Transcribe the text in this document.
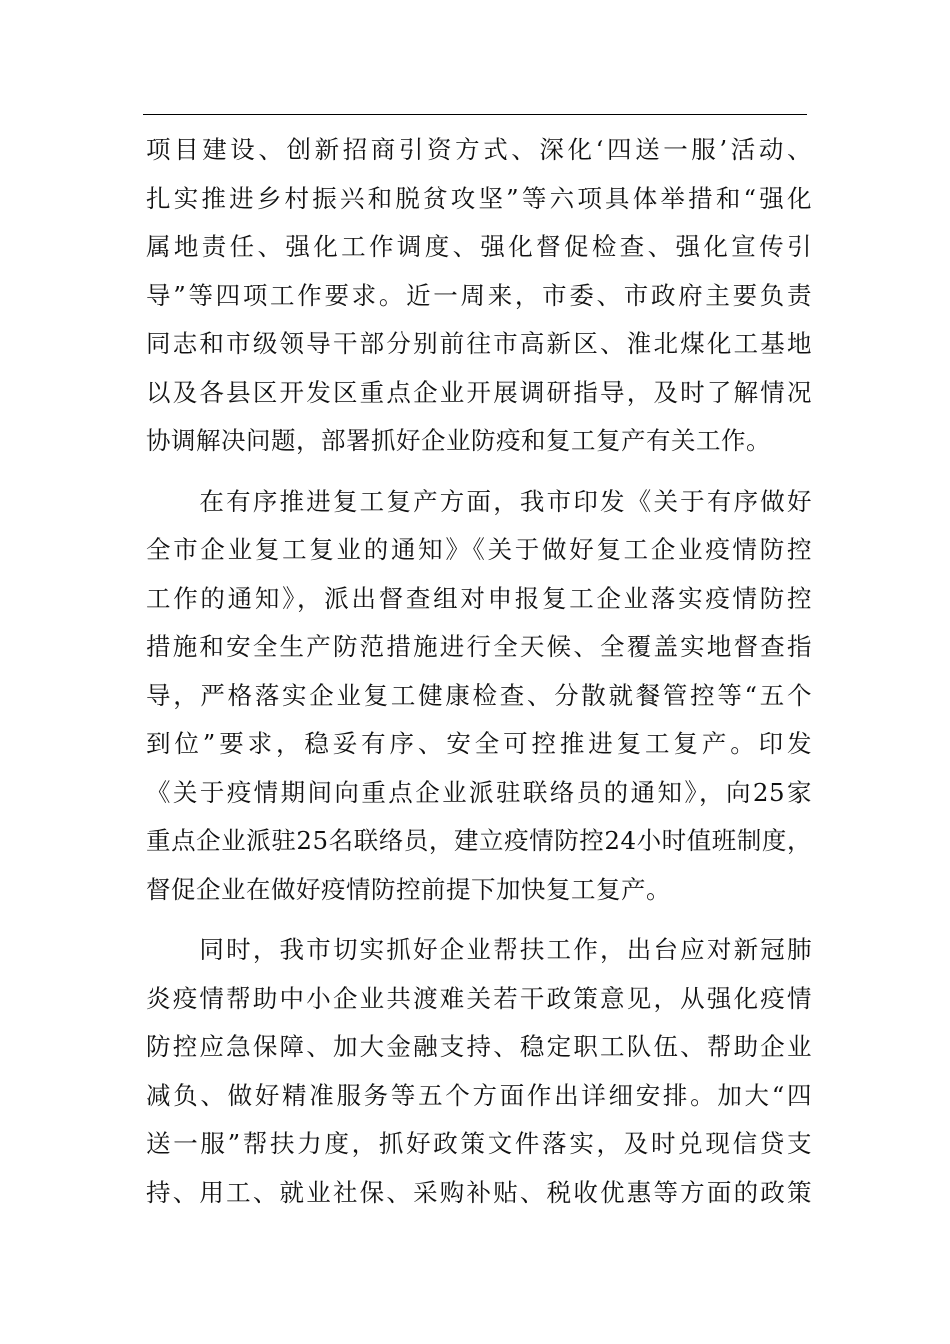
项目建设、创新招商引资方式、深化‘四送一服’活动、
扎实推进乡村振兴和脱贫攻坚”等六项具体举措和“强化
属地责任、强化工作调度、强化督促检查、强化宣传引
导”等四项工作要求。近一周来，市委、市政府主要负责
同志和市级领导干部分别前往市高新区、淮北煤化工基地
以及各县区开发区重点企业开展调研指导，及时了解情况
协调解决问题，部署抓好企业防疫和复工复产有关工作。
　　在有序推进复工复产方面，我市印发《关于有序做好
全市企业复工复业的通知》《关于做好复工企业疫情防控
工作的通知》，派出督查组对申报复工企业落实疫情防控
措施和安全生产防范措施进行全天候、全覆盖实地督查指
导，严格落实企业复工健康检查、分散就餐管控等“五个
到位”要求，稳妥有序、安全可控推进复工复产。印发
《关于疫情期间向重点企业派驻联络员的通知》，向25家
重点企业派驻25名联络员，建立疫情防控24小时值班制度，
督促企业在做好疫情防控前提下加快复工复产。
　　同时，我市切实抓好企业帮扶工作，出台应对新冠肺
炎疫情帮助中小企业共渡难关若干政策意见，从强化疫情
防控应急保障、加大金融支持、稳定职工队伍、帮助企业
减负、做好精准服务等五个方面作出详细安排。加大“四
送一服”帮扶力度，抓好政策文件落实，及时兑现信贷支
持、用工、就业社保、采购补贴、税收优惠等方面的政策
